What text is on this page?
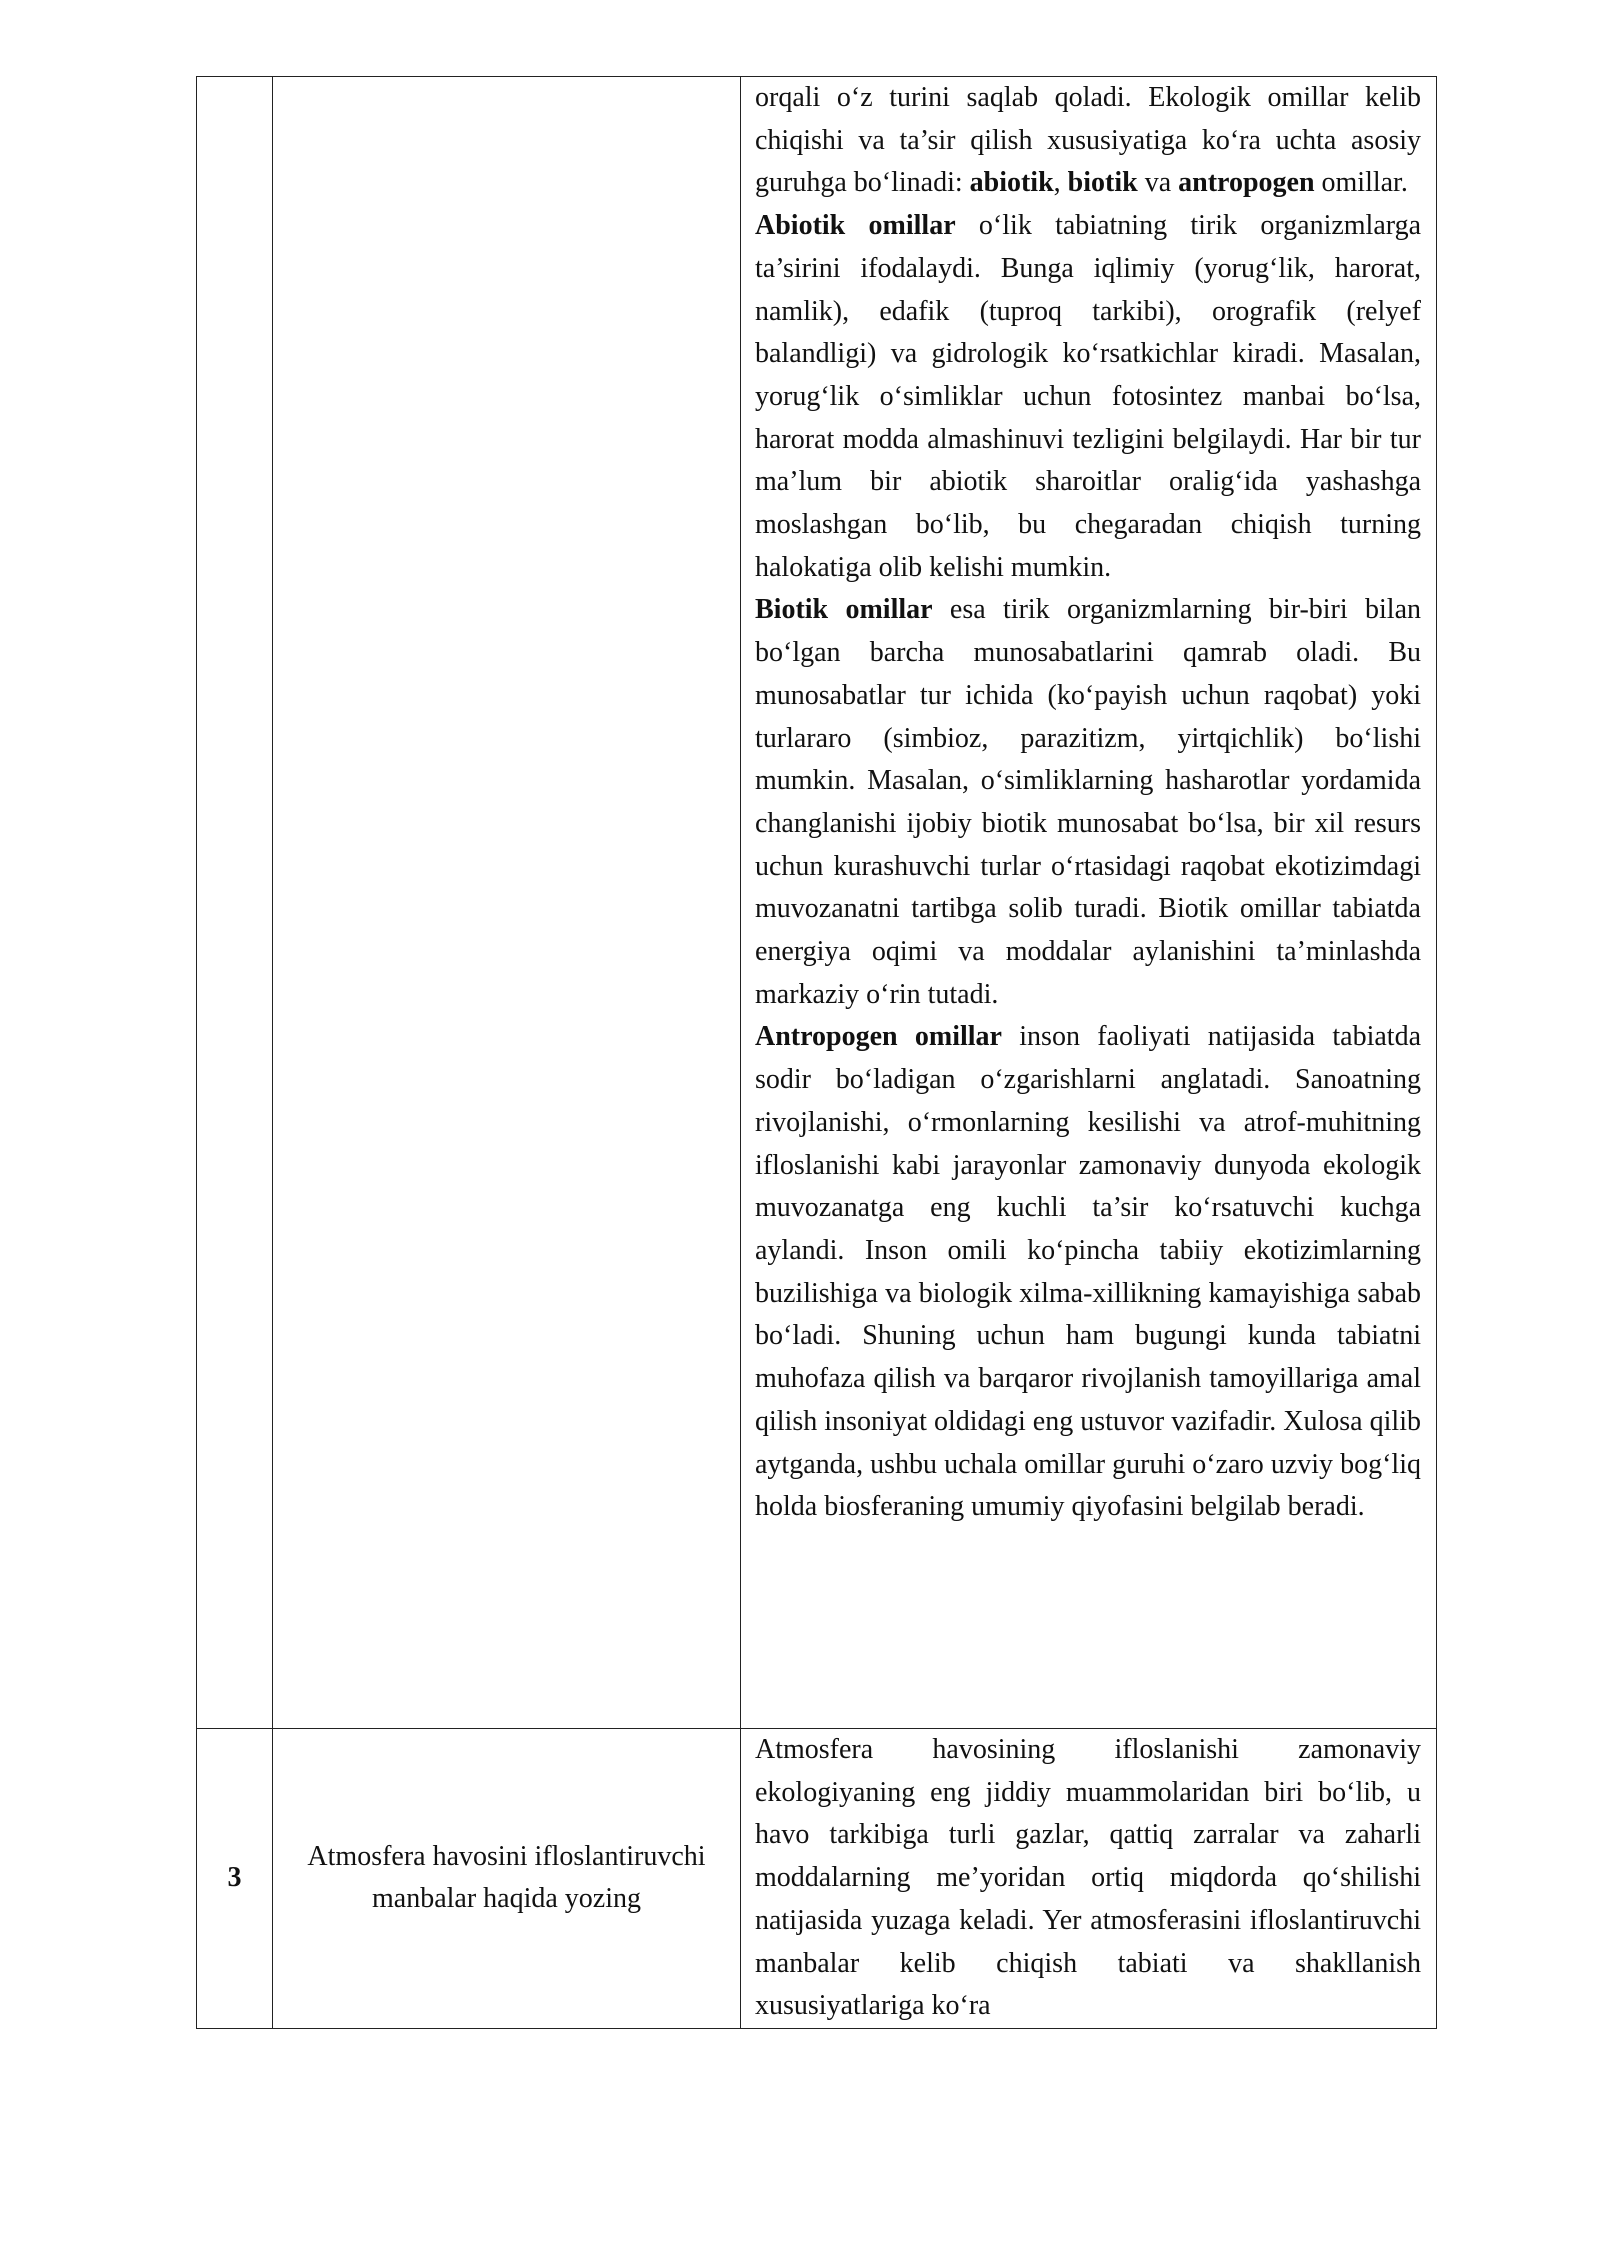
		orqali oʻz turini saqlab qoladi. Ekologik omillar kelib chiqishi va ta’sir qilish xususiyatiga koʻra uchta asosiy guruhga boʻlinadi: abiotik, biotik va antropogen omillar.

Abiotik omillar oʻlik tabiatning tirik organizmlarga ta’sirini ifodalaydi. Bunga iqlimiy (yorugʻlik, harorat, namlik), edafik (tuproq tarkibi), orografik (relyef balandligi) va gidrologik koʻrsatkichlar kiradi. Masalan, yorugʻlik oʻsimliklar uchun fotosintez manbai boʻlsa, harorat modda almashinuvi tezligini belgilaydi. Har bir tur ma’lum bir abiotik sharoitlar oraligʻida yashashga moslashgan boʻlib, bu chegaradan chiqish turning halokatiga olib kelishi mumkin.

Biotik omillar esa tirik organizmlarning bir-biri bilan boʻlgan barcha munosabatlarini qamrab oladi. Bu munosabatlar tur ichida (koʻpayish uchun raqobat) yoki turlararo (simbioz, parazitizm, yirtqichlik) boʻlishi mumkin. Masalan, oʻsimliklarning hasharotlar yordamida changlanishi ijobiy biotik munosabat boʻlsa, bir xil resurs uchun kurashuvchi turlar oʻrtasidagi raqobat ekotizimdagi muvozanatni tartibga solib turadi. Biotik omillar tabiatda energiya oqimi va moddalar aylanishini ta’minlashda markaziy oʻrin tutadi.

Antropogen omillar inson faoliyati natijasida tabiatda sodir boʻladigan oʻzgarishlarni anglatadi. Sanoatning rivojlanishi, oʻrmonlarning kesilishi va atrof-muhitning ifloslanishi kabi jarayonlar zamonaviy dunyoda ekologik muvozanatga eng kuchli ta’sir koʻrsatuvchi kuchga aylandi. Inson omili koʻpincha tabiiy ekotizimlarning buzilishiga va biologik xilma-xillikning kamayishiga sabab boʻladi. Shuning uchun ham bugungi kunda tabiatni muhofaza qilish va barqaror rivojlanish tamoyillariga amal qilish insoniyat oldidagi eng ustuvor vazifadir. Xulosa qilib aytganda, ushbu uchala omillar guruhi oʻzaro uzviy bogʻliq holda biosferaning umumiy qiyofasini belgilab beradi.

3	Atmosfera havosini ifloslantiruvchi manbalar haqida yozing	Atmosfera havosining ifloslanishi zamonaviy ekologiyaning eng jiddiy muammolaridan biri boʻlib, u havo tarkibiga turli gazlar, qattiq zarralar va zaharli moddalarning me’yoridan ortiq miqdorda qoʻshilishi natijasida yuzaga keladi. Yer atmosferasini ifloslantiruvchi manbalar kelib chiqish tabiati va shakllanish xususiyatlariga koʻra
